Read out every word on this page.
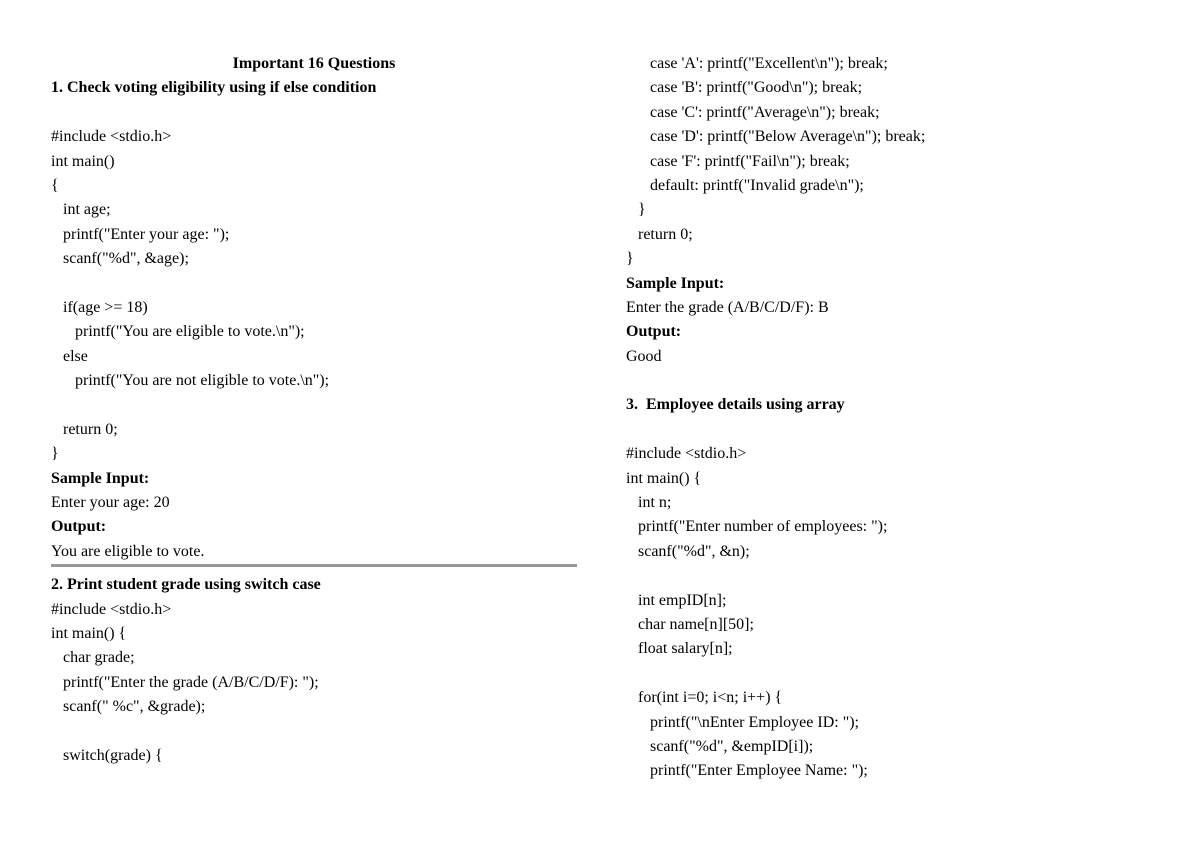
Important 16 Questions
1. Check voting eligibility using if else condition
#include <stdio.h>
int main()
{
int age;
printf("Enter your age: ");
scanf("%d", &age);
if(age >= 18)
printf("You are eligible to vote.\n");
else
printf("You are not eligible to vote.\n");
return 0;
}
Sample Input:
Enter your age: 20
Output:
You are eligible to vote.
2. Print student grade using switch case
#include <stdio.h>
int main() {
char grade;
printf("Enter the grade (A/B/C/D/F): ");
scanf(" %c", &grade);
switch(grade) {
case 'A': printf("Excellent\n"); break;
case 'B': printf("Good\n"); break;
case 'C': printf("Average\n"); break;
case 'D': printf("Below Average\n"); break;
case 'F': printf("Fail\n"); break;
default: printf("Invalid grade\n");
}
return 0;
}
Sample Input:
Enter the grade (A/B/C/D/F): B
Output:
Good
3.  Employee details using array
#include <stdio.h>
int main() {
int n;
printf("Enter number of employees: ");
scanf("%d", &n);
int empID[n];
char name[n][50];
float salary[n];
for(int i=0; i<n; i++) {
printf("\nEnter Employee ID: ");
scanf("%d", &empID[i]);
printf("Enter Employee Name: ");
